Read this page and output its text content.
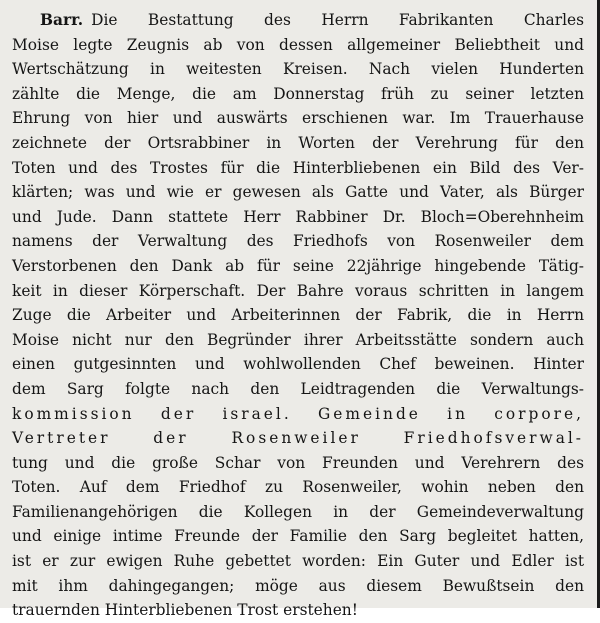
Barr. Die Bestattung des Herrn Fabrikanten Charles
Moise legte Zeugnis ab von dessen allgemeiner Beliebtheit und
Wertschätzung in weitesten Kreisen. Nach vielen Hunderten
zählte die Menge, die am Donnerstag früh zu seiner letzten
Ehrung von hier und auswärts erschienen war. Im Trauerhause
zeichnete der Ortsrabbiner in Worten der Verehrung für den
Toten und des Trostes für die Hinterbliebenen ein Bild des Ver-
klärten; was und wie er gewesen als Gatte und Vater, als Bürger
und Jude. Dann stattete Herr Rabbiner Dr. Bloch=Oberehnheim
namens der Verwaltung des Friedhofs von Rosenweiler dem
Verstorbenen den Dank ab für seine 22jährige hingebende Tätig-
keit in dieser Körperschaft. Der Bahre voraus schritten in langem
Zuge die Arbeiter und Arbeiterinnen der Fabrik, die in Herrn
Moise nicht nur den Begründer ihrer Arbeitsstätte sondern auch
einen gutgesinnten und wohlwollenden Chef beweinen. Hinter
dem Sarg folgte nach den Leidtragenden die Verwaltungs-
kommission der israel. Gemeinde in corpore,
Vertreter der Rosenweiler Friedhofsverwal-
tung und die große Schar von Freunden und Verehrern des
Toten. Auf dem Friedhof zu Rosenweiler, wohin neben den
Familienangehörigen die Kollegen in der Gemeindeverwaltung
und einige intime Freunde der Familie den Sarg begleitet hatten,
ist er zur ewigen Ruhe gebettet worden: Ein Guter und Edler ist
mit ihm dahingegangen; möge aus diesem Bewußtsein den
trauernden Hinterbliebenen Trost erstehen!
